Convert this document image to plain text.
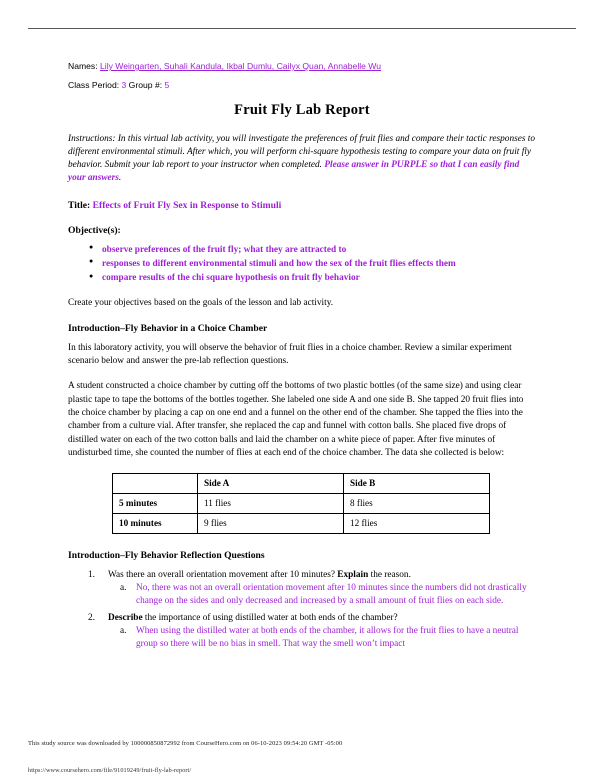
Names: Lily Weingarten, Suhali Kandula, Ikbal Dumlu, Cailyx Quan, Annabelle Wu

Class Period: 3 Group #: 5

Fruit Fly Lab Report

Instructions: In this virtual lab activity, you will investigate the preferences of fruit flies and compare their tactic responses to different environmental stimuli. After which, you will perform chi-square hypothesis testing to compare your data on fruit fly behavior. Submit your lab report to your instructor when completed. Please answer in PURPLE so that I can easily find your answers.

Title: Effects of Fruit Fly Sex in Response to Stimuli

Objective(s):

● observe preferences of the fruit fly; what they are attracted to
● responses to different environmental stimuli and how the sex of the fruit flies effects them
● compare results of the chi square hypothesis on fruit fly behavior

Create your objectives based on the goals of the lesson and lab activity.

Introduction–Fly Behavior in a Choice Chamber

In this laboratory activity, you will observe the behavior of fruit flies in a choice chamber. Review a similar experiment scenario below and answer the pre-lab reflection questions.

A student constructed a choice chamber by cutting off the bottoms of two plastic bottles (of the same size) and using clear plastic tape to tape the bottoms of the bottles together. She labeled one side A and one side B. She tapped 20 fruit flies into the choice chamber by placing a cap on one end and a funnel on the other end of the chamber. She tapped the flies into the chamber from a culture vial. After transfer, she replaced the cap and funnel with cotton balls. She placed five drops of distilled water on each of the two cotton balls and laid the chamber on a white piece of paper. After five minutes of undisturbed time, she counted the number of flies at each end of the choice chamber. The data she collected is below:

	Side A	Side B
5 minutes	11 flies	8 flies
10 minutes	9 flies	12 flies

Introduction–Fly Behavior Reflection Questions

Was there an overall orientation movement after 10 minutes? Explain the reason.
No, there was not an overall orientation movement after 10 minutes since the numbers did not drastically change on the sides and only decreased and increased by a small amount of fruit flies on each side.
Describe the importance of using distilled water at both ends of the chamber?
When using the distilled water at both ends of the chamber, it allows for the fruit flies to have a neutral group so there will be no bias in smell. That way the smell won’t impact
This study source was downloaded by 100000850872992 from CourseHero.com on 06-10-2023 09:54:20 GMT -05:00
https://www.coursehero.com/file/91019249/fruit-fly-lab-report/
